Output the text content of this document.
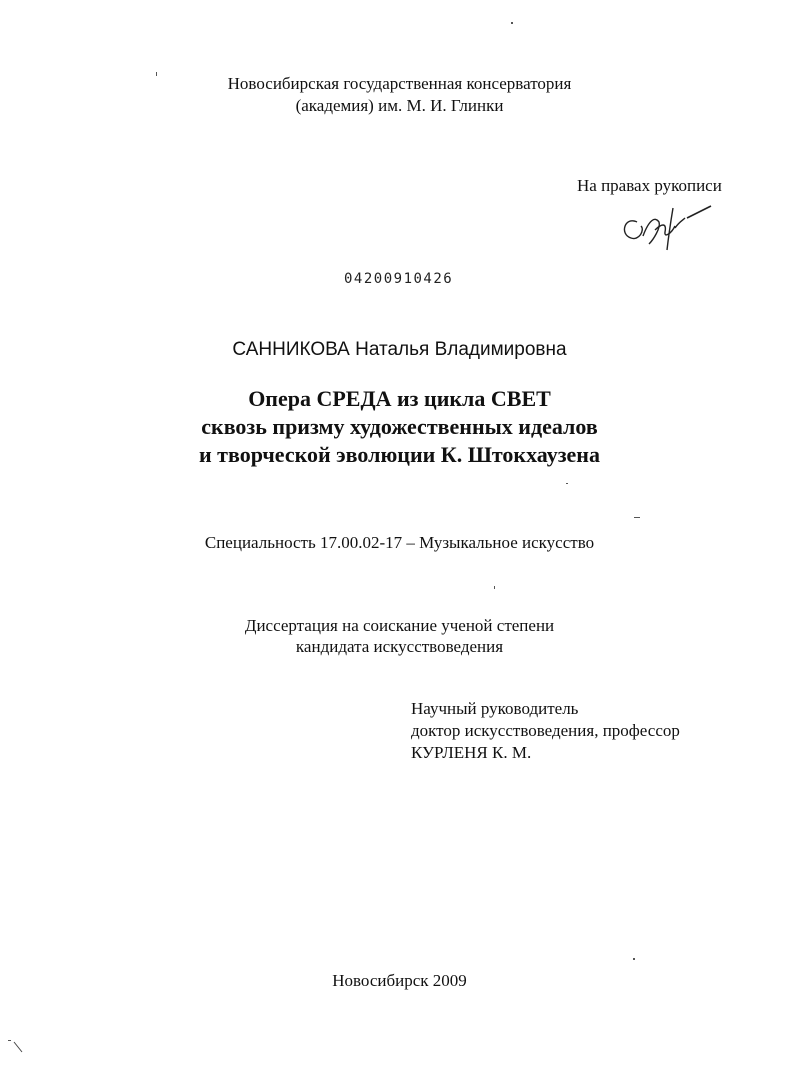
Новосибирская государственная консерватория
(академия) им. М. И. Глинки
На правах рукописи
04200910426
САННИКОВА Наталья Владимировна
Опера СРЕДА из цикла СВЕТ
сквозь призму художественных идеалов
и творческой эволюции К. Штокхаузена
Специальность 17.00.02-17 – Музыкальное искусство
Диссертация на соискание ученой степени
кандидата искусствоведения
Научный руководитель
доктор искусствоведения, профессор
КУРЛЕНЯ К. М.
Новосибирск 2009
